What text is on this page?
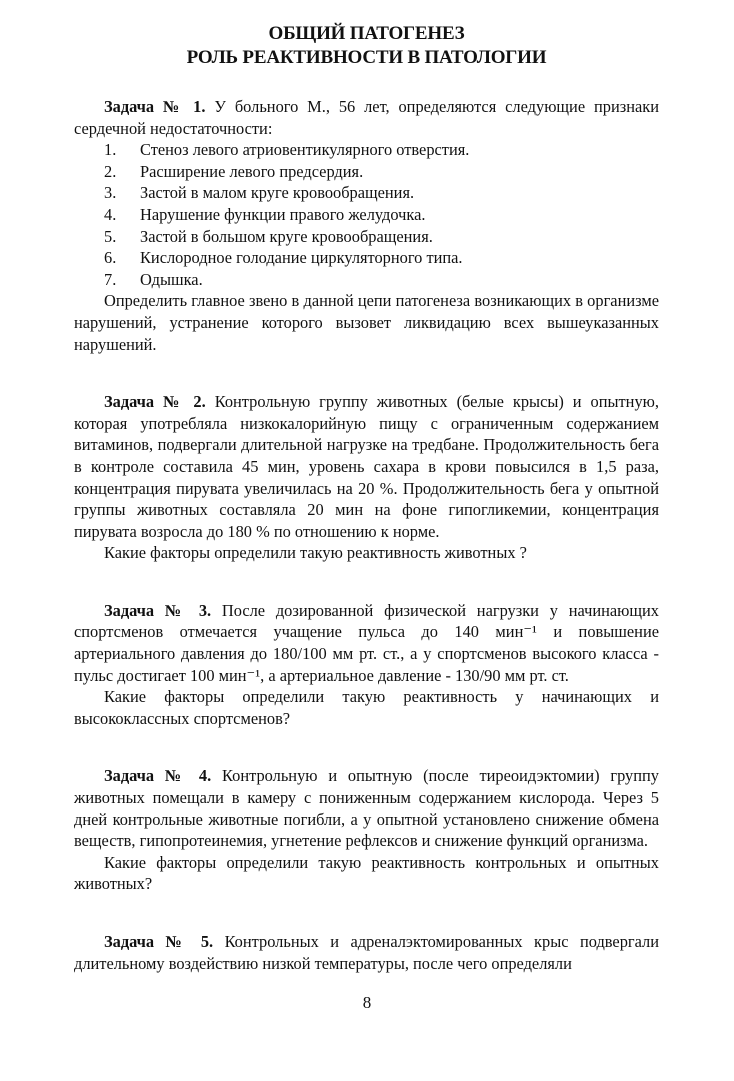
ОБЩИЙ ПАТОГЕНЕЗ
РОЛЬ РЕАКТИВНОСТИ В ПАТОЛОГИИ

Задача № 1. У больного М., 56 лет, определяются следующие признаки сердечной недостаточности:

1.	Стеноз левого атриовентикулярного отверстия.
2.	Расширение левого предсердия.
3.	Застой в малом круге кровообращения.
4.	Нарушение функции правого желудочка.
5.	Застой в большом круге кровообращения.
6.	Кислородное голодание циркуляторного типа.
7.	Одышка.

Определить главное звено в данной цепи патогенеза возникающих в организме нарушений, устранение которого вызовет ликвидацию всех вышеуказанных нарушений.

Задача № 2. Контрольную группу животных (белые крысы) и опытную, которая употребляла низкокалорийную пищу с ограниченным содержанием витаминов, подвергали длительной нагрузке на тредбане. Продолжительность бега в контроле составила 45 мин, уровень сахара в крови повысился в 1,5 раза, концентрация пирувата увеличилась на 20 %. Продолжительность бега у опытной группы животных составляла 20 мин на фоне гипогликемии, концентрация пирувата возросла до 180 % по отношению к норме.

Какие факторы определили такую реактивность животных ?

Задача № 3. После дозированной физической нагрузки у начинающих спортсменов отмечается учащение пульса до 140 мин⁻¹ и повышение артериального давления до 180/100 мм рт. ст., а у спортсменов высокого класса - пульс достигает 100 мин⁻¹, а артериальное давление - 130/90 мм рт. ст.

Какие факторы определили такую реактивность у начинающих и высококлассных спортсменов?

Задача № 4. Контрольную и опытную (после тиреоидэктомии) группу животных помещали в камеру с пониженным содержанием кислорода. Через 5 дней контрольные животные погибли, а у опытной установлено снижение обмена веществ, гипопротеинемия, угнетение рефлексов и снижение функций организма.

Какие факторы определили такую реактивность контрольных и опытных животных?

Задача № 5. Контрольных и адреналэктомированных крыс подвергали длительному воздействию низкой температуры, после чего определяли

8
